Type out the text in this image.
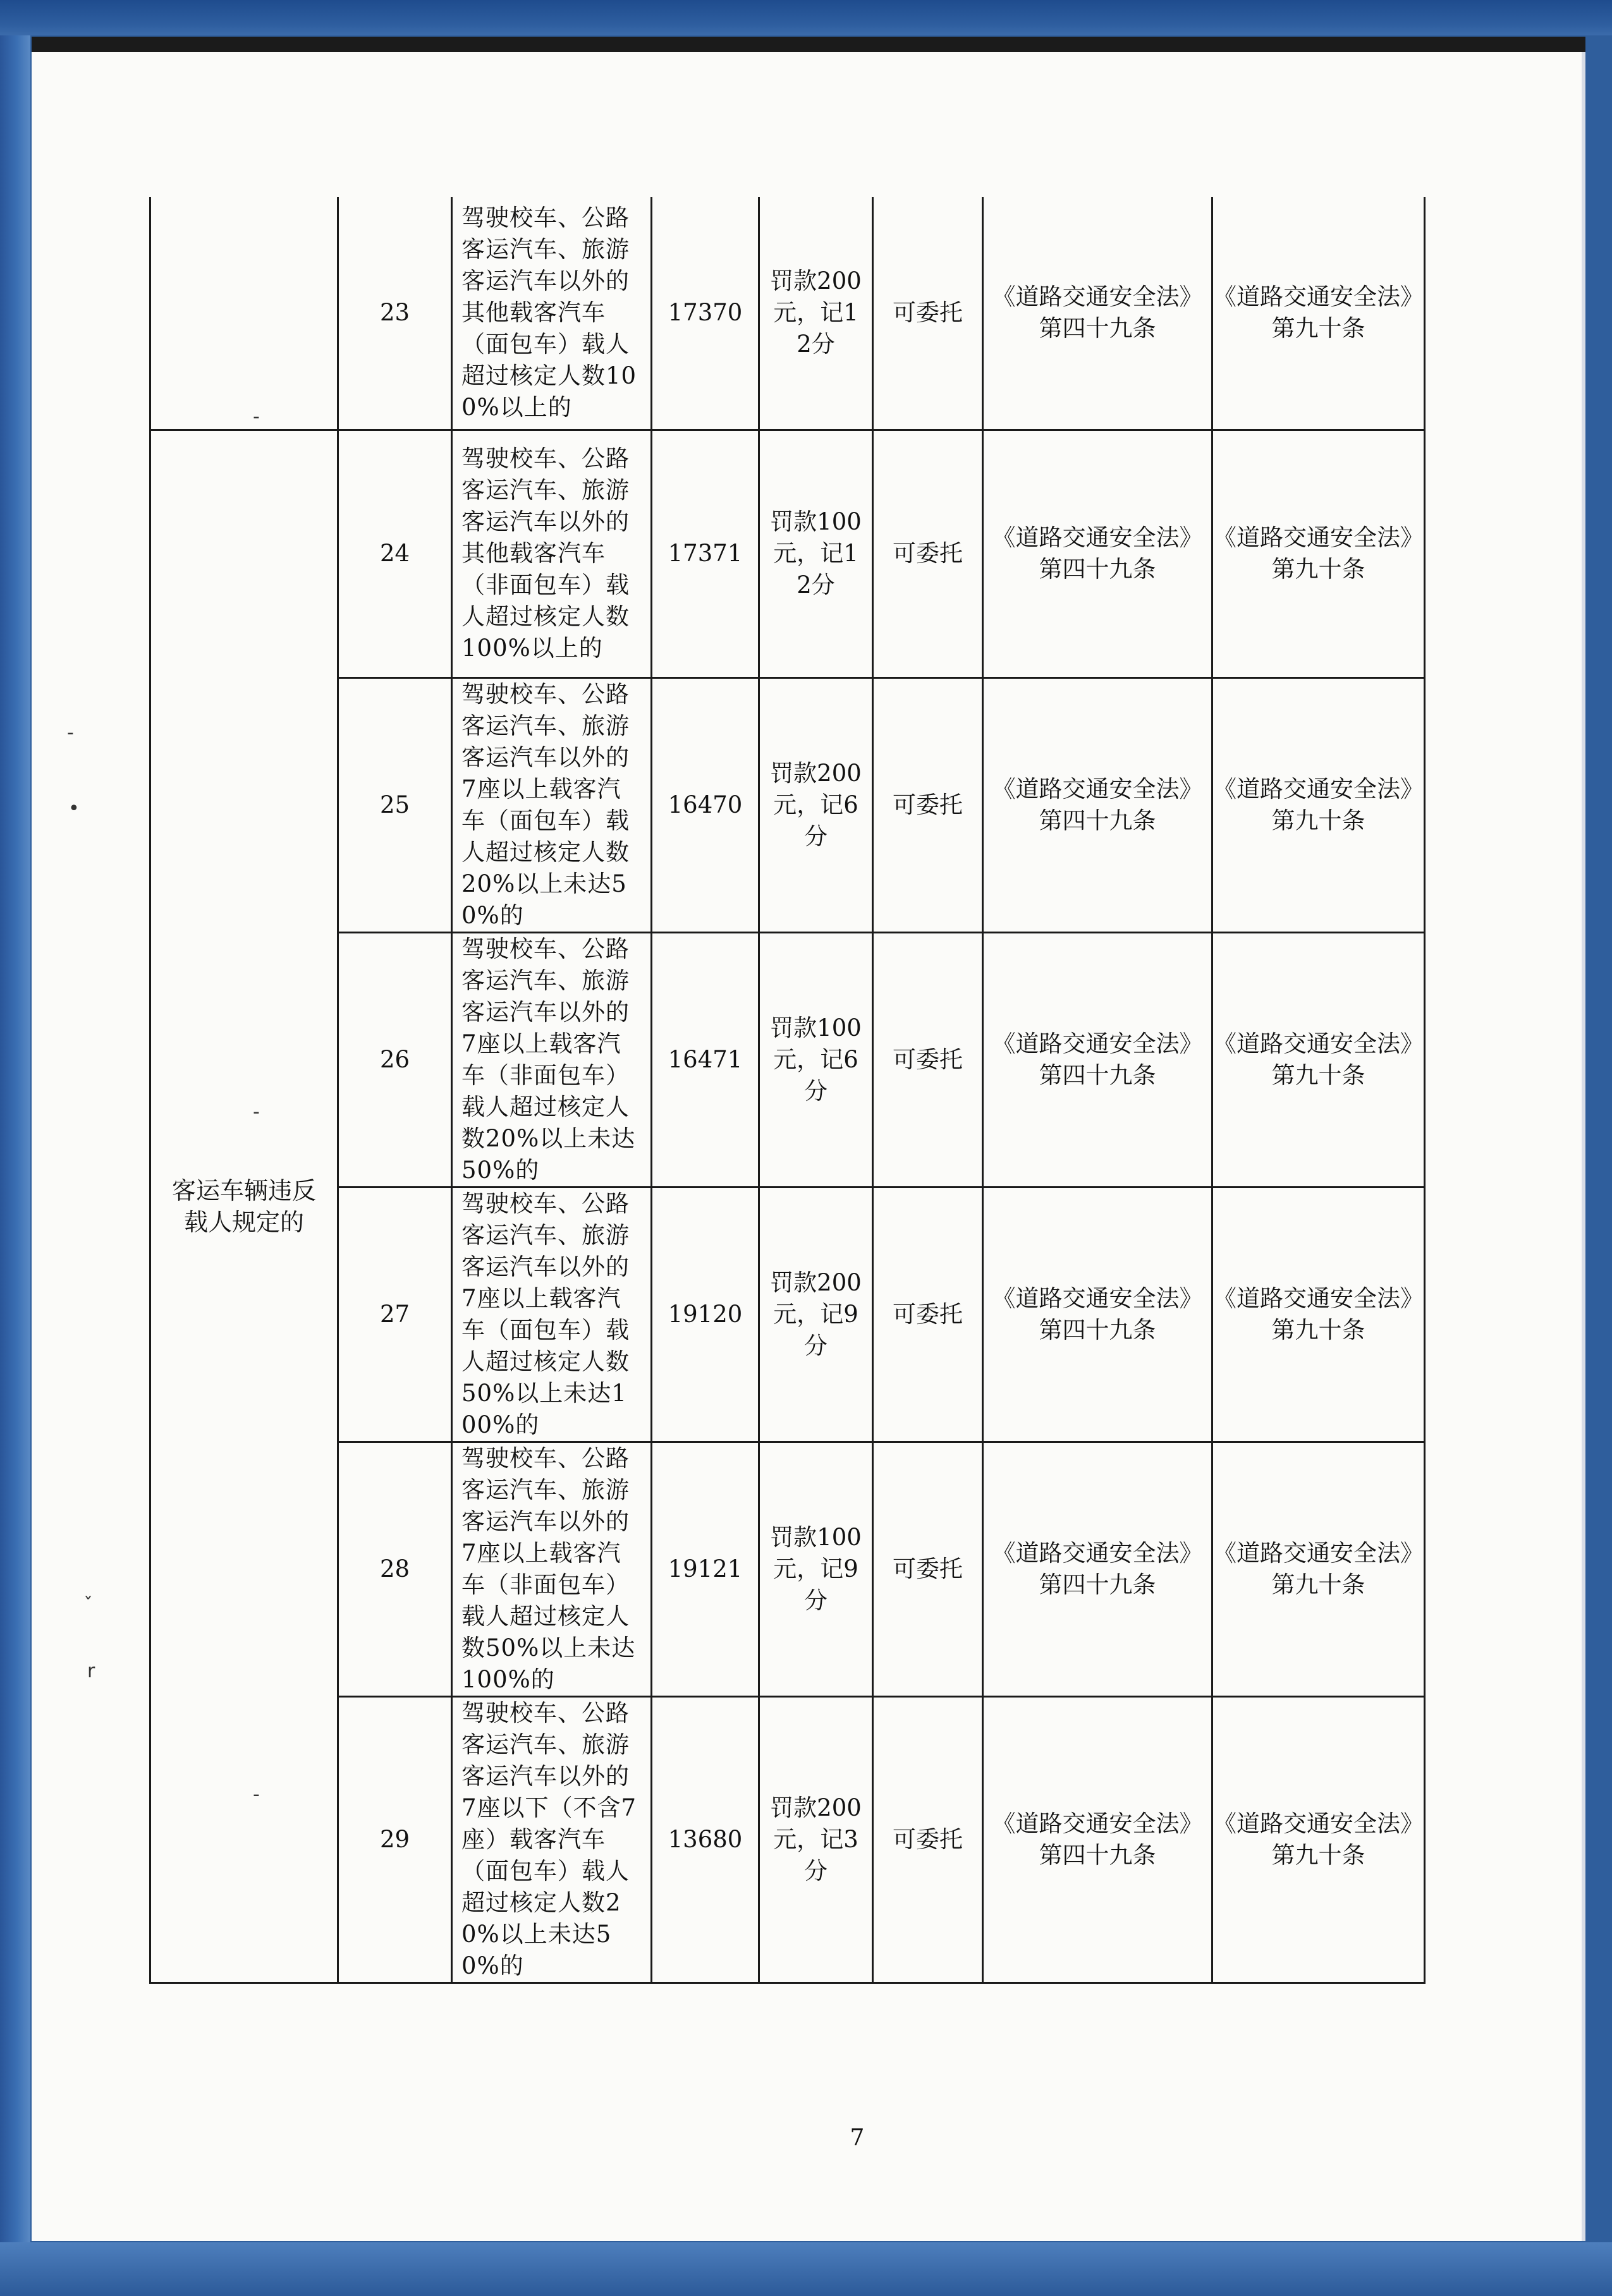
-
•
ˇ
r
-
-
-
	23	驾驶校车、公路客运汽车、旅游客运汽车以外的其他载客汽车（面包车）载人超过核定人数100%以上的	17370	罚款200元，记12分	可委托	《道路交通安全法》第四十九条	《道路交通安全法》第九十条
客运车辆违反载人规定的	24	驾驶校车、公路客运汽车、旅游客运汽车以外的其他载客汽车（非面包车）载人超过核定人数100%以上的	17371	罚款100元，记12分	可委托	《道路交通安全法》第四十九条	《道路交通安全法》第九十条
	25	驾驶校车、公路客运汽车、旅游客运汽车以外的7座以上载客汽车（面包车）载人超过核定人数20%以上未达50%的	16470	罚款200元，记6分	可委托	《道路交通安全法》第四十九条	《道路交通安全法》第九十条
	26	驾驶校车、公路客运汽车、旅游客运汽车以外的7座以上载客汽车（非面包车）载人超过核定人数20%以上未达50%的	16471	罚款100元，记6分	可委托	《道路交通安全法》第四十九条	《道路交通安全法》第九十条
	27	驾驶校车、公路客运汽车、旅游客运汽车以外的7座以上载客汽车（面包车）载人超过核定人数50%以上未达100%的	19120	罚款200元，记9分	可委托	《道路交通安全法》第四十九条	《道路交通安全法》第九十条
	28	驾驶校车、公路客运汽车、旅游客运汽车以外的7座以上载客汽车（非面包车）载人超过核定人数50%以上未达100%的	19121	罚款100元，记9分	可委托	《道路交通安全法》第四十九条	《道路交通安全法》第九十条
	29	驾驶校车、公路客运汽车、旅游客运汽车以外的7座以下（不含7座）载客汽车（面包车）载人超过核定人数20%以上未达50%的	13680	罚款200元，记3分	可委托	《道路交通安全法》第四十九条	《道路交通安全法》第九十条
7
